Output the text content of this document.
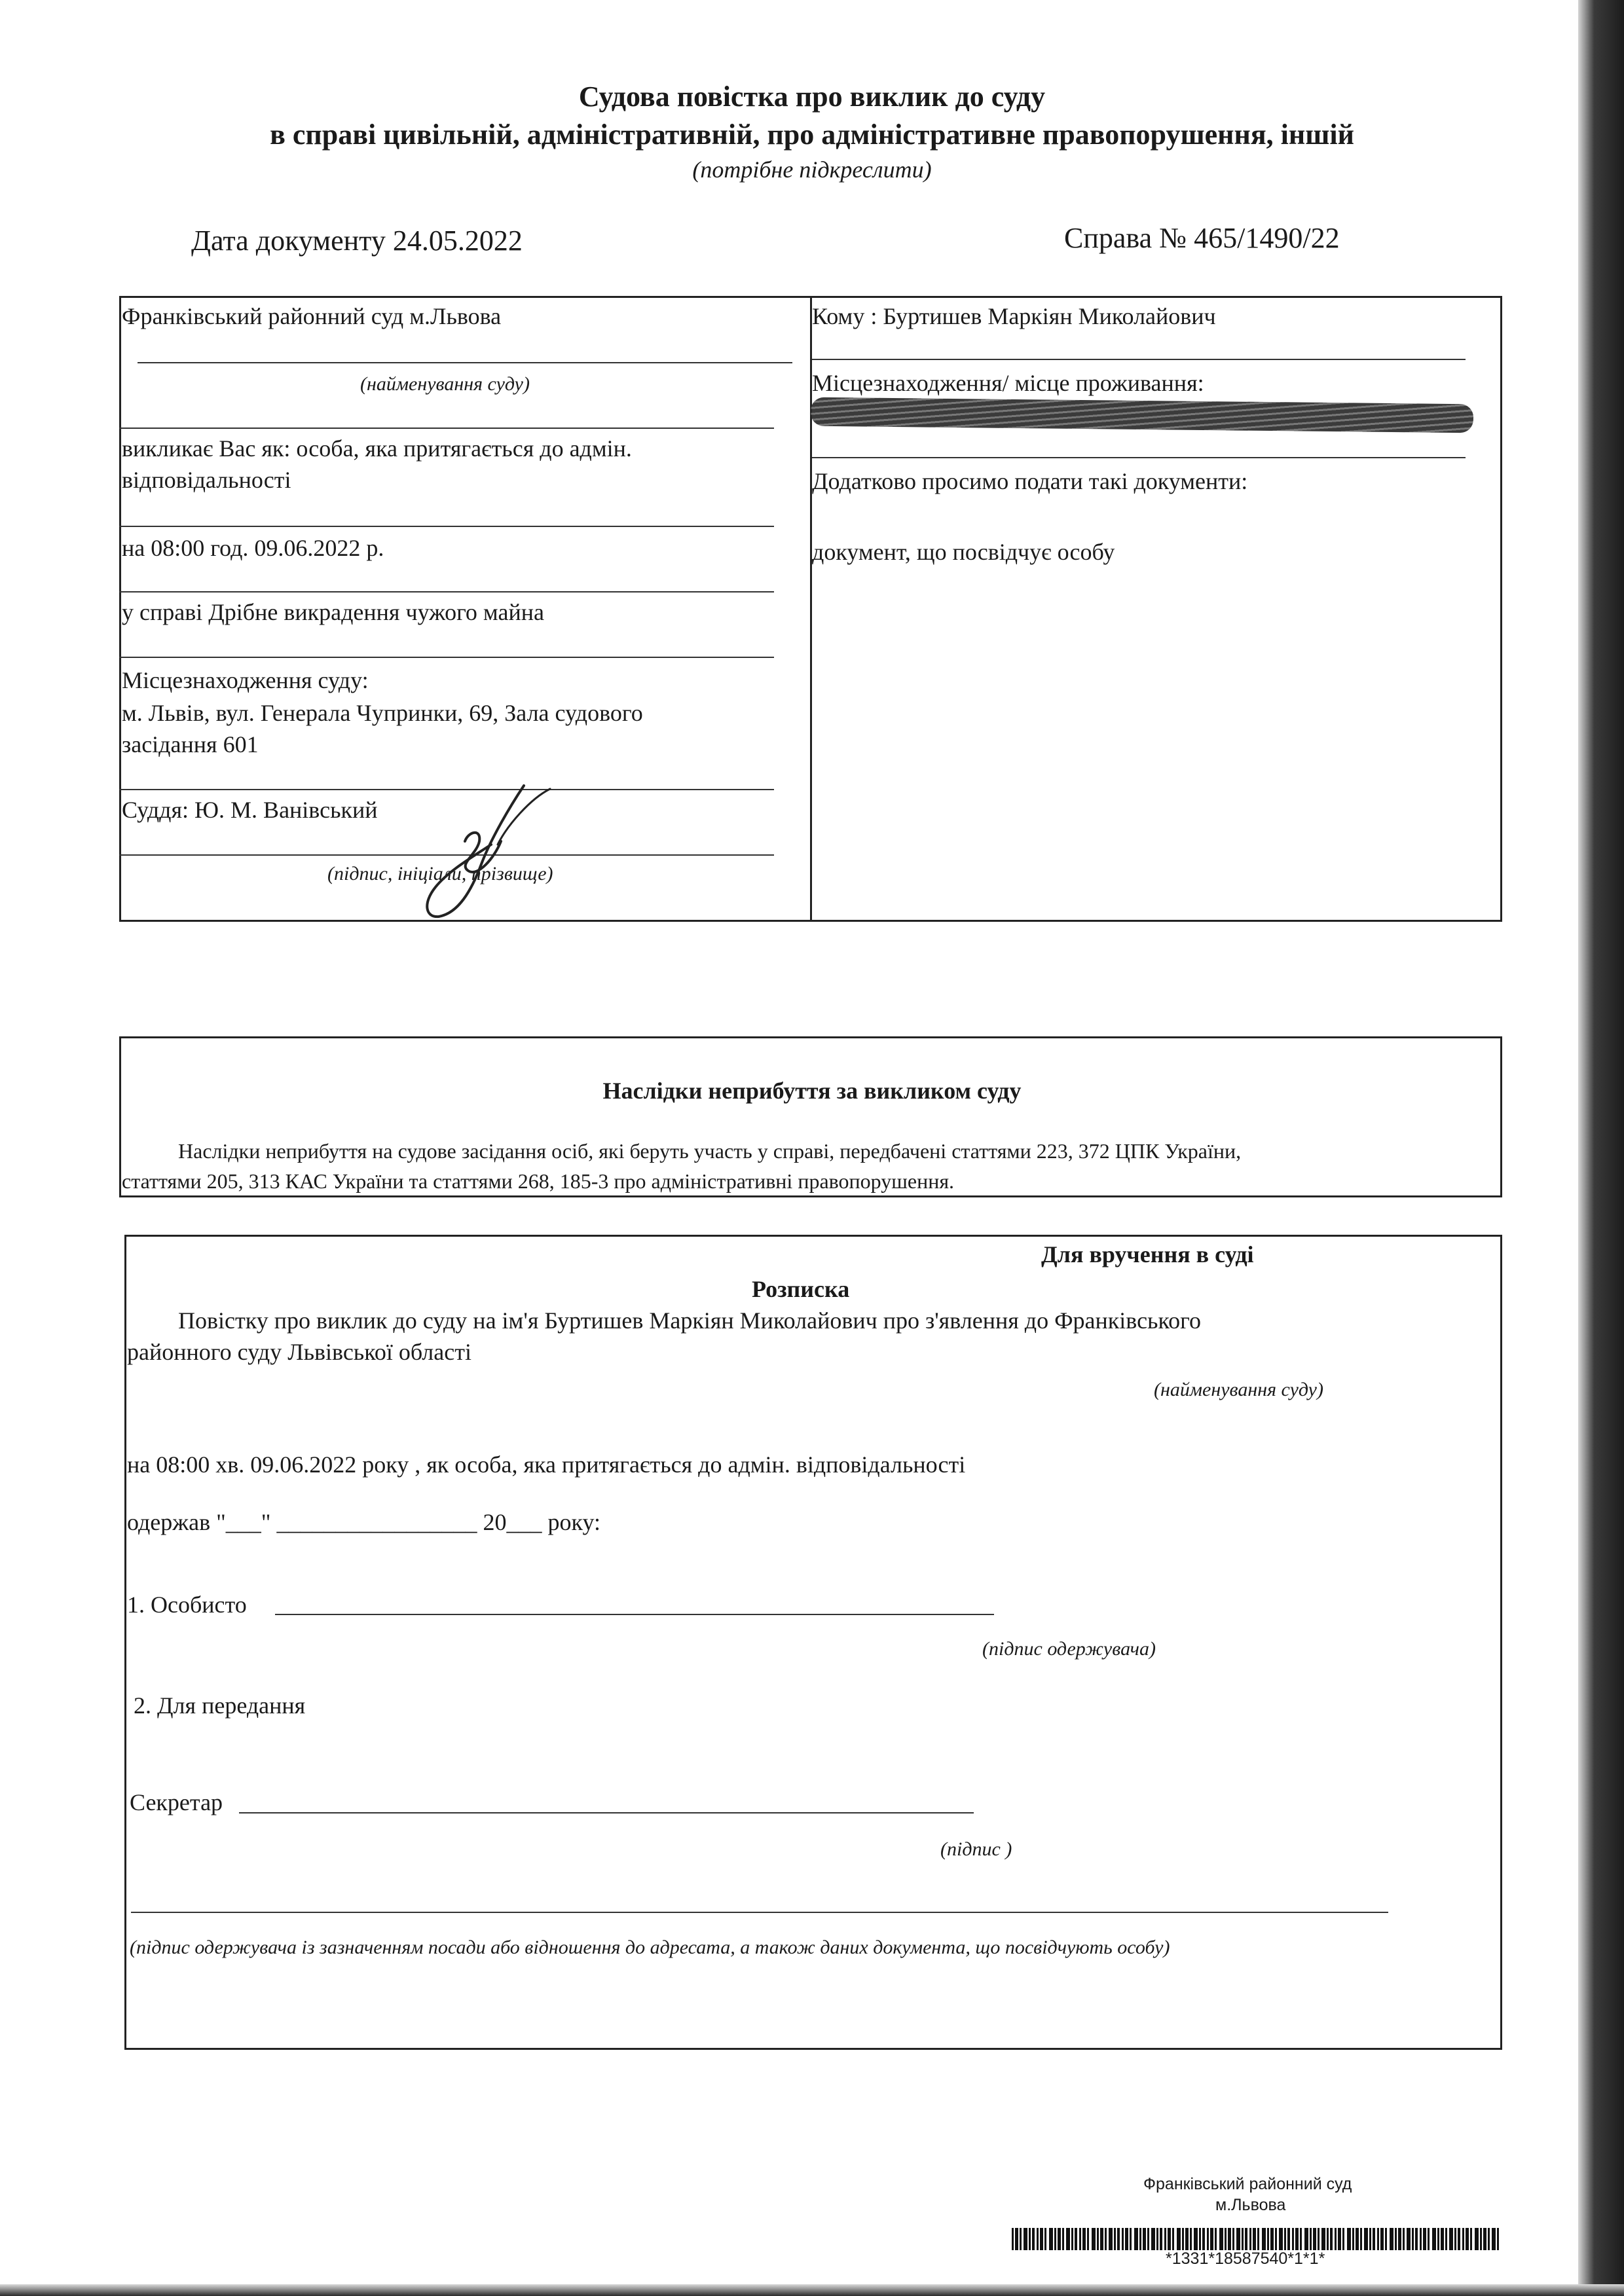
Судова повістка про виклик до суду
в справі цивільній, адміністративній, про адміністративне правопорушення, іншій
(потрібне підкреслити)
Дата документу 24.05.2022	Справа № 465/1490/22
Франківський районний суд м.Львова
(найменування суду)
викликає Вас як: особа, яка притягається до адмін.
відповідальності
на 08:00 год. 09.06.2022 р.
у справі Дрібне викрадення чужого майна
Місцезнаходження суду:
м. Львів, вул. Генерала Чупринки, 69, Зала судового
засідання 601
Суддя: Ю. М. Ванівський
(підпис, ініціали, прізвище)
Кому : Буртишев Маркіян Миколайович
Місцезнаходження/ місце проживання:
Додатково просимо подати такі документи:
документ, що посвідчує особу
Наслідки неприбуття за викликом суду
Наслідки неприбуття на судове засідання осіб, які беруть участь у справі, передбачені статтями 223, 372 ЦПК України,
статтями 205, 313 КАС України та статтями 268, 185-3 про адміністративні правопорушення.
Для вручення в суді
Розписка
Повістку про виклик до суду на ім'я Буртишев Маркіян Миколайович про з'явлення до Франківського
районного суду Львівської області
(найменування суду)
на 08:00 хв. 09.06.2022 року , як особа, яка притягається до адмін. відповідальності
одержав "___" _________________ 20___ року:
1. Особисто
(підпис одержувача)
2. Для передання
Секретар
(підпис )
(підпис одержувача із зазначенням посади або відношення до адресата, а також даних документа, що посвідчують особу)
Франківський районний суд
м.Львова
*1331*18587540*1*1*
